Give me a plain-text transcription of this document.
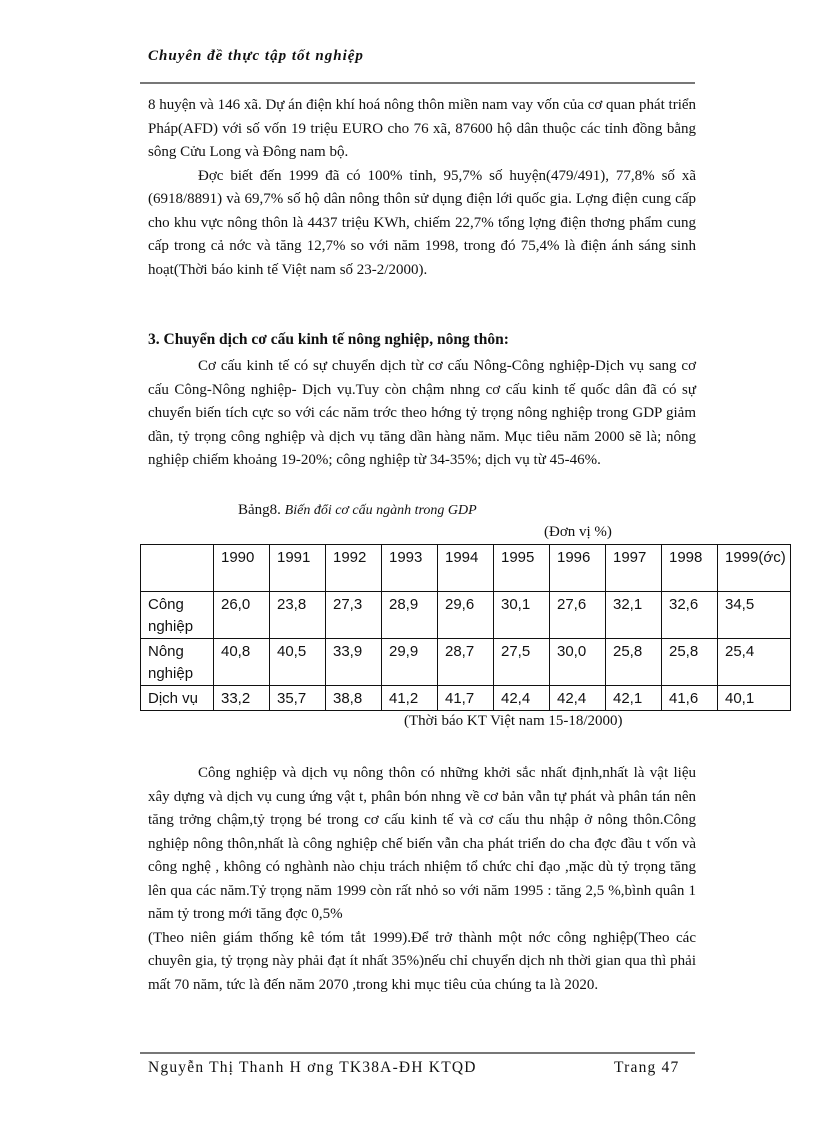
Chuyên đề thực tập tốt nghiệp

8 huyện và 146 xã. Dự án điện khí hoá nông thôn miền nam vay vốn của cơ quan phát triển Pháp(AFD) với số vốn 19 triệu EURO cho 76 xã, 87600 hộ dân thuộc các tỉnh đồng bằng sông Cửu Long và Đông nam bộ.

Đợc biết đến 1999 đã có 100% tỉnh, 95,7% số huyện(479/491), 77,8% số xã (6918/8891) và 69,7% số hộ dân nông thôn sử dụng điện lới quốc gia. Lợng điện cung cấp cho khu vực nông thôn là 4437 triệu KWh, chiếm 22,7% tổng lợng điện thơng phẩm cung cấp trong cả nớc và tăng 12,7% so với năm 1998, trong đó 75,4% là điện ánh sáng sinh hoạt(Thời báo kinh tế Việt nam số 23-2/2000).

3. Chuyển dịch cơ cấu kinh tế nông nghiệp, nông thôn:

Cơ cấu kinh tế có sự chuyển dịch từ cơ cấu Nông-Công nghiệp-Dịch vụ sang cơ cấu Công-Nông nghiệp- Dịch vụ.Tuy còn chậm nhng cơ cấu kinh tế quốc dân đã có sự chuyển biến tích cực so với các năm trớc theo hớng tỷ trọng nông nghiệp trong GDP giảm dần, tỷ trọng công nghiệp và dịch vụ tăng dần hàng năm. Mục tiêu năm 2000 sẽ là; nông nghiệp chiếm khoảng 19-20%; công nghiệp từ 34-35%; dịch vụ từ 45-46%.

Bảng8. Biến đổi cơ cấu ngành trong GDP
(Đơn vị %)
	1990	1991	1992	1993	1994	1995	1996	1997	1998	1999(ớc)
Công nghiệp	26,0	23,8	27,3	28,9	29,6	30,1	27,6	32,1	32,6	34,5
Nông nghiệp	40,8	40,5	33,9	29,9	28,7	27,5	30,0	25,8	25,8	25,4
Dịch vụ	33,2	35,7	38,8	41,2	41,7	42,4	42,4	42,1	41,6	40,1
(Thời báo KT Việt nam 15-18/2000)

Công nghiệp và dịch vụ nông thôn có những khởi sắc nhất định,nhất là vật liệu xây dựng và dịch vụ cung ứng vật t, phân bón nhng về cơ bản vẫn tự phát và phân tán nên tăng trởng chậm,tỷ trọng bé trong cơ cấu kinh tế và cơ cấu thu nhập ở nông thôn.Công nghiệp nông thôn,nhất là công nghiệp chế biến vẫn cha phát triển do cha đợc đầu t vốn và công nghệ , không có nghành nào chịu trách nhiệm tổ chức chỉ đạo ,mặc dù tỷ trọng tăng lên qua các năm.Tỷ trọng năm 1999 còn rất nhỏ so với năm 1995 : tăng 2,5 %,bình quân 1 năm tỷ trong mới tăng đợc 0,5%

(Theo niên giám thống kê tóm tắt 1999).Để trở thành một nớc công nghiệp(Theo các chuyên gia, tỷ trọng này phải đạt ít nhất 35%)nếu chỉ chuyển dịch nh thời gian qua thì phải mất 70 năm, tức là đến năm 2070 ,trong khi mục tiêu của chúng ta là 2020.

Nguyễn Thị Thanh H ơng TK38A-ĐH KTQD	Trang 47
